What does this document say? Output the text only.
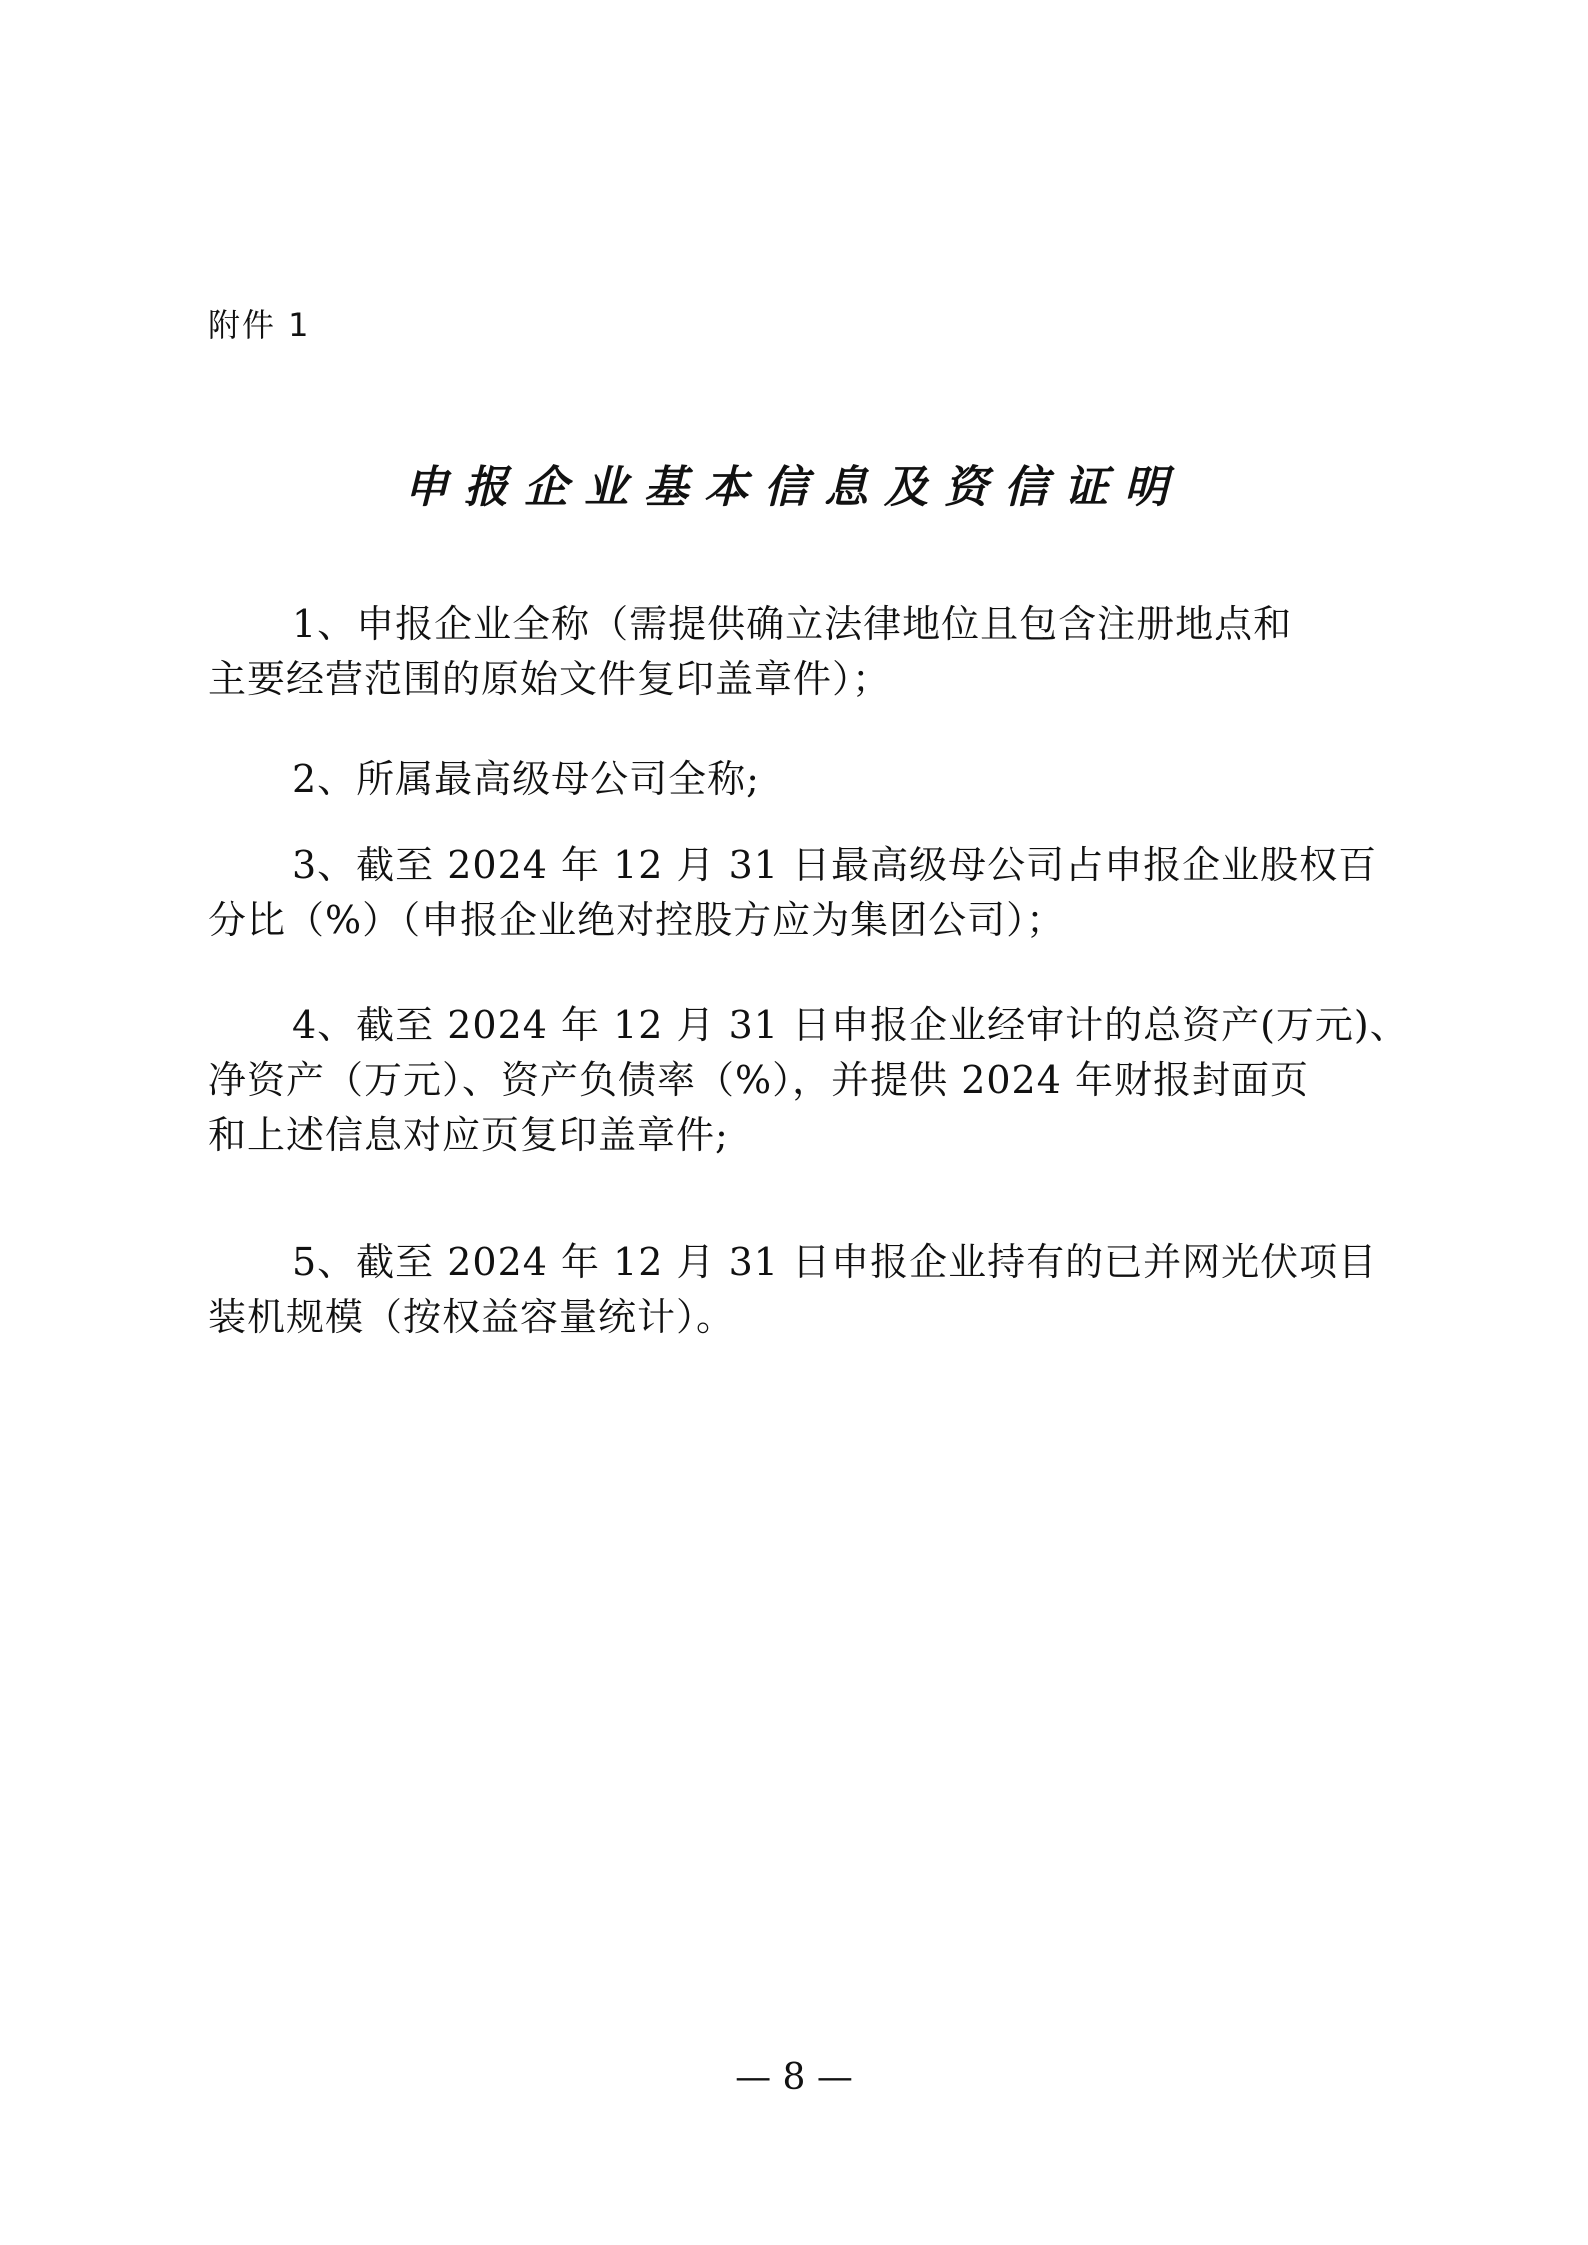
附件 1
申报企业基本信息及资信证明
1、申报企业全称（需提供确立法律地位且包含注册地点和
主要经营范围的原始文件复印盖章件）；
2、所属最高级母公司全称;
3、截至 2024 年 12 月 31 日最高级母公司占申报企业股权百
分比（%）（申报企业绝对控股方应为集团公司）；
4、截至 2024 年 12 月 31 日申报企业经审计的总资产(万元)、
净资产（万元）、资产负债率（%），并提供 2024 年财报封面页
和上述信息对应页复印盖章件;
5、截至 2024 年 12 月 31 日申报企业持有的已并网光伏项目
装机规模（按权益容量统计）。
— 8 —
